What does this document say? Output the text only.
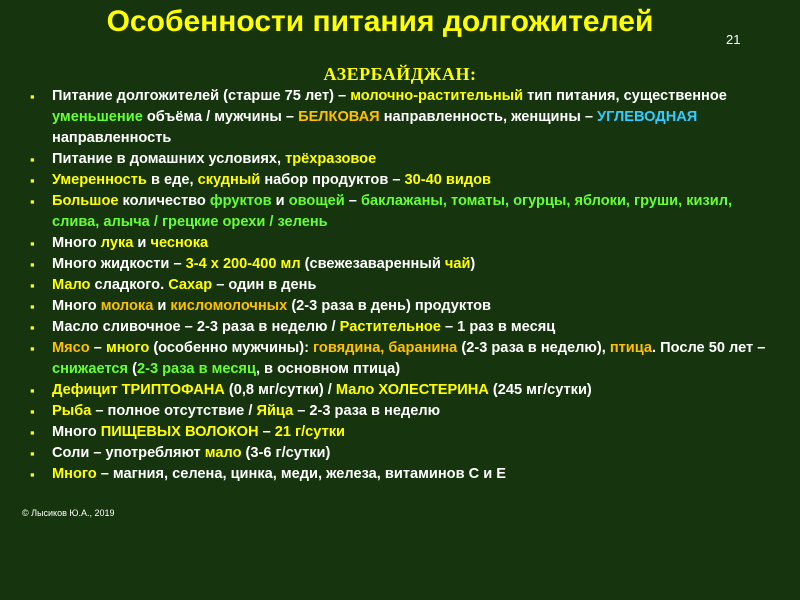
Особенности питания долгожителей
21
АЗЕРБАЙДЖАН:
▪ Питание долгожителей (старше 75 лет) – молочно-растительный тип питания, существенное уменьшение объёма / мужчины – БЕЛКОВАЯ направленность, женщины – УГЛЕВОДНАЯ направленность
▪ Питание в домашних условиях, трёхразовое
▪ Умеренность в еде, скудный набор продуктов – 30-40 видов
▪ Большое количество фруктов и овощей – баклажаны, томаты, огурцы, яблоки, груши, кизил, слива, алыча / грецкие орехи / зелень
▪ Много лука и чеснока
▪ Много жидкости – 3-4 х 200-400 мл (свежезаваренный чай)
▪ Мало сладкого. Сахар – один в день
▪ Много молока и кисломолочных (2-3 раза в день) продуктов
▪ Масло сливочное – 2-3 раза в неделю / Растительное – 1 раз в месяц
▪ Мясо – много (особенно мужчины): говядина, баранина (2-3 раза в неделю), птица. После 50 лет – снижается (2-3 раза в месяц, в основном птица)
▪ Дефицит ТРИПТОФАНА (0,8 мг/сутки) / Мало ХОЛЕСТЕРИНА (245 мг/сутки)
▪ Рыба – полное отсутствие / Яйца – 2-3 раза в неделю
▪ Много ПИЩЕВЫХ ВОЛОКОН – 21 г/сутки
▪ Соли – употребляют мало (3-6 г/сутки)
▪ Много – магния, селена, цинка, меди, железа, витаминов С и Е
© Лысиков Ю.А., 2019
